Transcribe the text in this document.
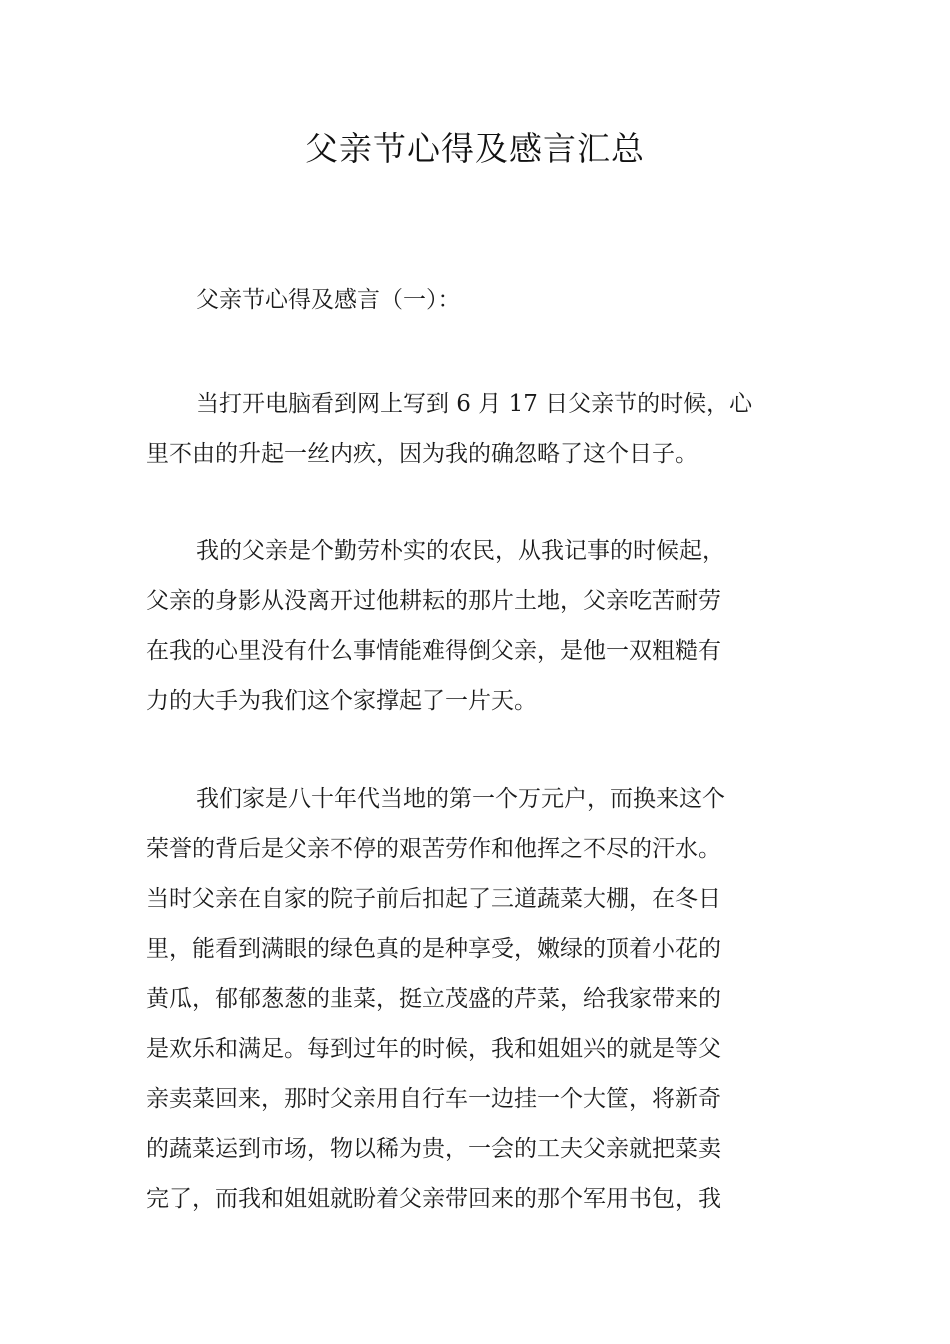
父亲节心得及感言汇总
父亲节心得及感言（一）：
当打开电脑看到网上写到 6 月 17 日父亲节的时候，心
里不由的升起一丝内疚，因为我的确忽略了这个日子。
我的父亲是个勤劳朴实的农民，从我记事的时候起，
父亲的身影从没离开过他耕耘的那片土地，父亲吃苦耐劳
在我的心里没有什么事情能难得倒父亲，是他一双粗糙有
力的大手为我们这个家撑起了一片天。
我们家是八十年代当地的第一个万元户，而换来这个
荣誉的背后是父亲不停的艰苦劳作和他挥之不尽的汗水。
当时父亲在自家的院子前后扣起了三道蔬菜大棚，在冬日
里，能看到满眼的绿色真的是种享受，嫩绿的顶着小花的
黄瓜，郁郁葱葱的韭菜，挺立茂盛的芹菜，给我家带来的
是欢乐和满足。每到过年的时候，我和姐姐兴的就是等父
亲卖菜回来，那时父亲用自行车一边挂一个大筐，将新奇
的蔬菜运到市场，物以稀为贵，一会的工夫父亲就把菜卖
完了，而我和姐姐就盼着父亲带回来的那个军用书包，我
